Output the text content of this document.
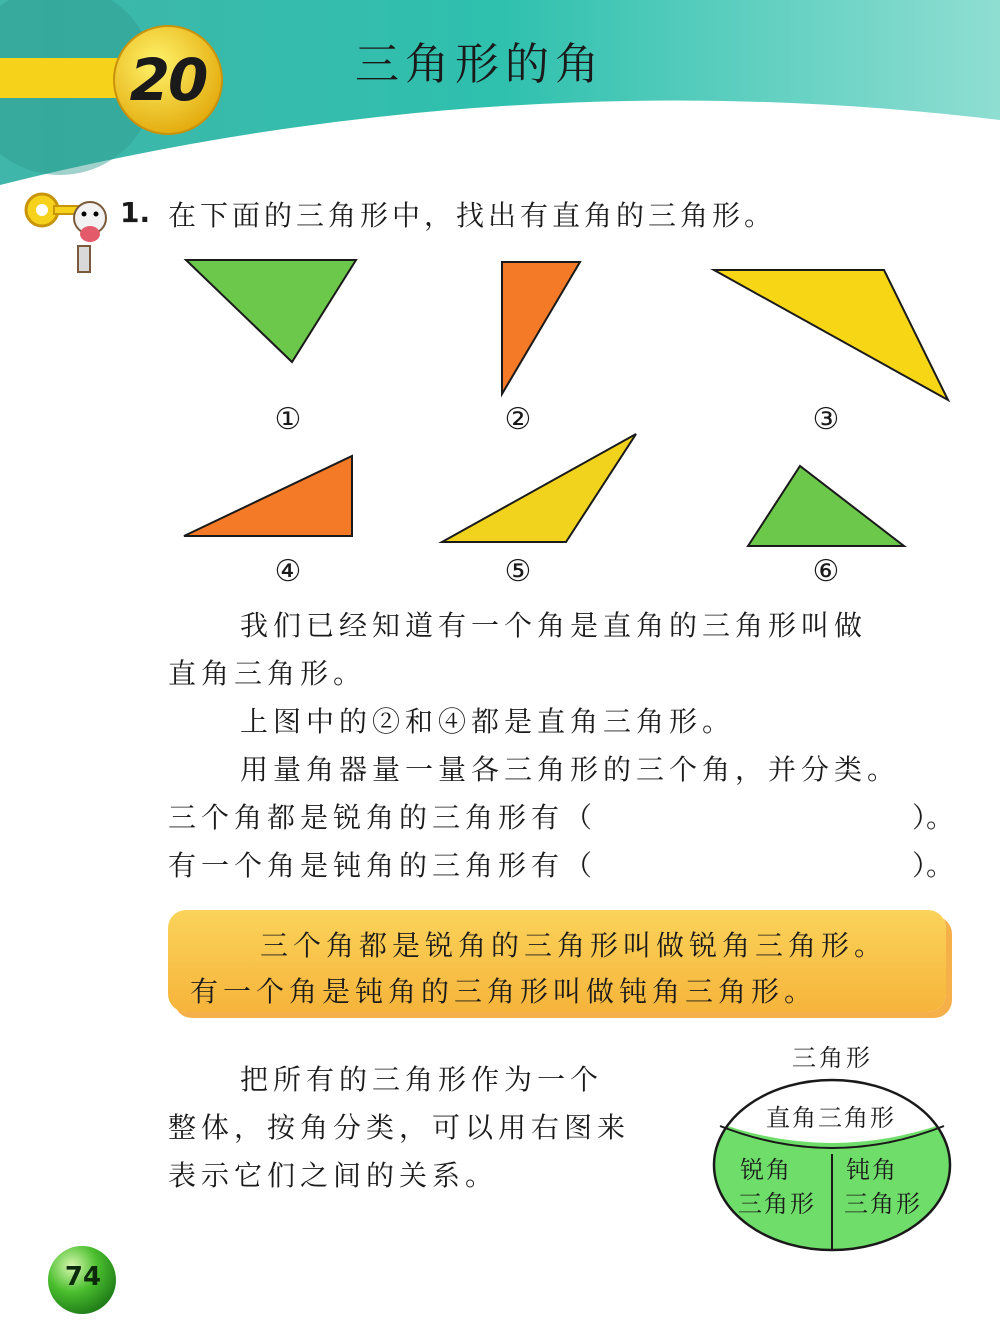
20	三角形的角
1. 在下面的三角形中，找出有直角的三角形。
①	②	③
④	⑤	⑥
我们已经知道有一个角是直角的三角形叫做
直角三角形。
上图中的②和④都是直角三角形。
用量角器量一量各三角形的三个角，并分类。
三个角都是锐角的三角形有（	）。
有一个角是钝角的三角形有（	）。
三个角都是锐角的三角形叫做锐角三角形。
有一个角是钝角的三角形叫做钝角三角形。
把所有的三角形作为一个
整体，按角分类，可以用右图来
表示它们之间的关系。
三角形
直角三角形
锐角
三角形
钝角
三角形
74
